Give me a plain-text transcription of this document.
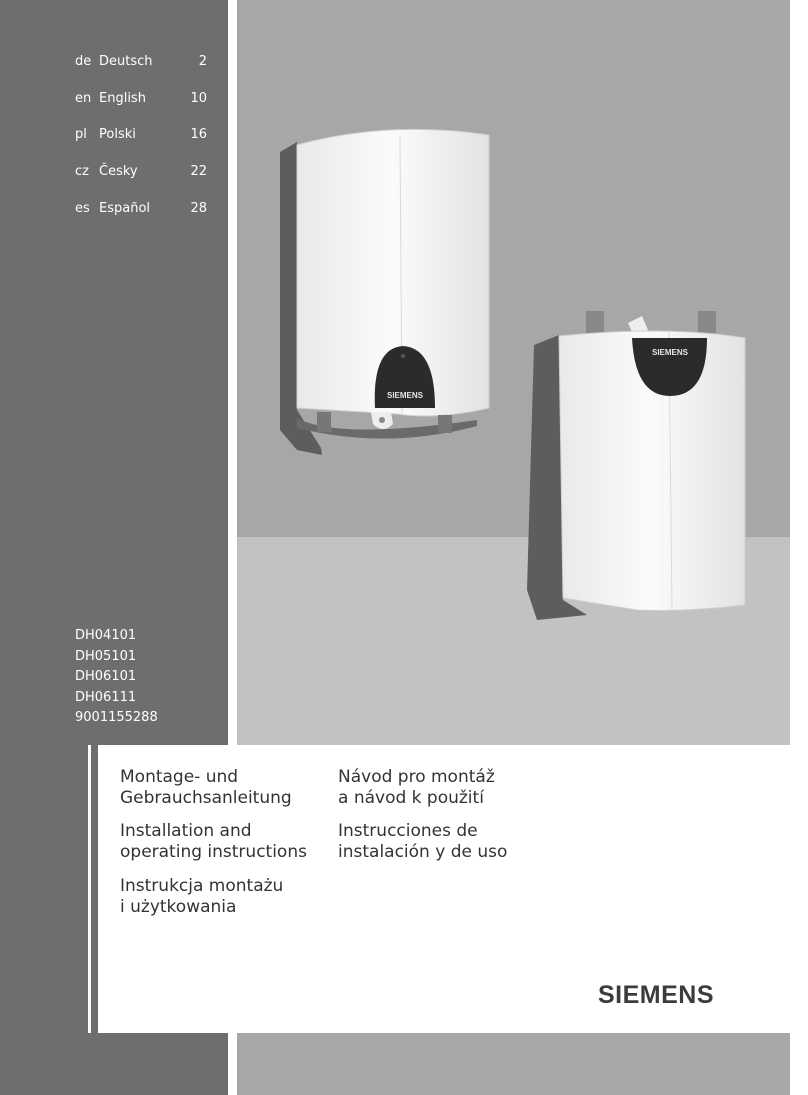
de Deutsch	2
en English	10
pl Polski	16
cz Česky	22
es Español	28
DH04101
DH05101
DH06101
DH06111
9001155288
SIEMENS
SIEMENS
Montage- und
Gebrauchsanleitung
Installation and
operating instructions
Instrukcja montażu
i użytkowania
Návod pro montáž
a návod k použití
Instrucciones de
instalación y de uso
SIEMENS
